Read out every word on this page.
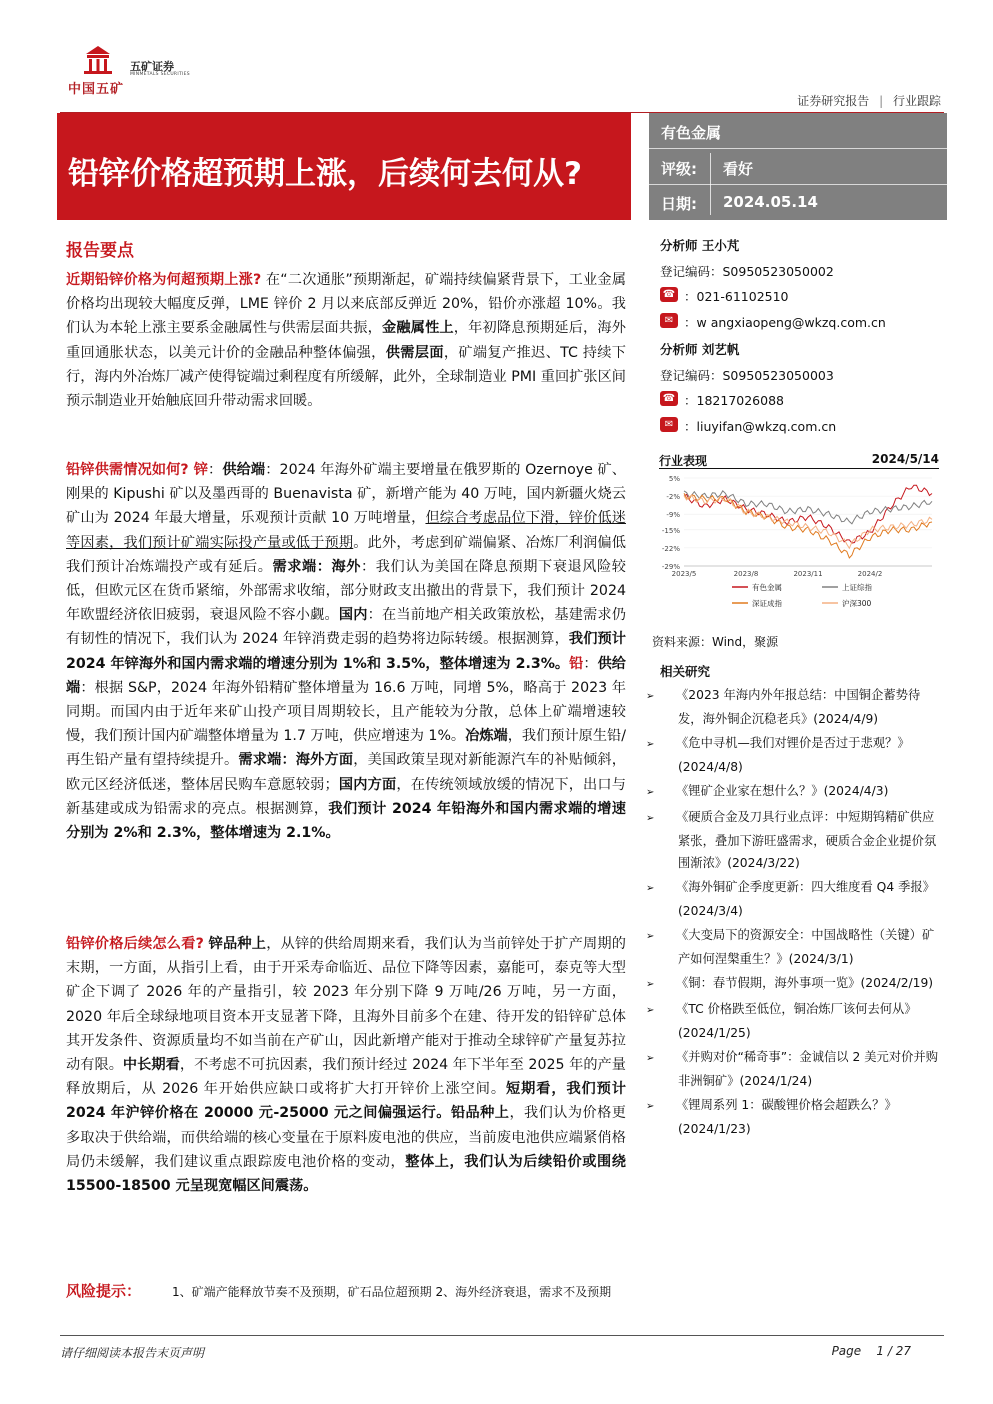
中国五矿
五矿证券
MINMETALS SECURITIES
证券研究报告 | 行业跟踪
铅锌价格超预期上涨，后续何去何从?
有色金属
评级: 看好
日期: 2024.05.14
报告要点
近期铅锌价格为何超预期上涨? 在“二次通胀”预期渐起，矿端持续偏紧背景下，工业金属价格均出现较大幅度反弹，LME 锌价 2 月以来底部反弹近 20%，铅价亦涨超 10%。我们认为本轮上涨主要系金融属性与供需层面共振，金融属性上，年初降息预期延后，海外重回通胀状态，以美元计价的金融品种整体偏强，供需层面，矿端复产推迟、TC 持续下行，海内外冶炼厂减产使得锭端过剩程度有所缓解，此外，全球制造业 PMI 重回扩张区间预示制造业开始触底回升带动需求回暖。
铅锌供需情况如何? 锌：供给端：2024 年海外矿端主要增量在俄罗斯的 Ozernoye 矿、刚果的 Kipushi 矿以及墨西哥的 Buenavista 矿，新增产能为 40 万吨，国内新疆火烧云矿山为 2024 年最大增量，乐观预计贡献 10 万吨增量，但综合考虑品位下滑，锌价低迷等因素，我们预计矿端实际投产量或低于预期。此外，考虑到矿端偏紧、冶炼厂利润偏低我们预计冶炼端投产或有延后。需求端：海外：我们认为美国在降息预期下衰退风险较低，但欧元区在货币紧缩，外部需求收缩，部分财政支出撤出的背景下，我们预计 2024 年欧盟经济依旧疲弱，衰退风险不容小觑。国内：在当前地产相关政策放松，基建需求仍有韧性的情况下，我们认为 2024 年锌消费走弱的趋势将边际转缓。根据测算，我们预计 2024 年锌海外和国内需求端的增速分别为 1%和 3.5%，整体增速为 2.3%。铅：供给端：根据 S&P，2024 年海外铅精矿整体增量为 16.6 万吨，同增 5%，略高于 2023 年同期。而国内由于近年来矿山投产项目周期较长，且产能较为分散，总体上矿端增速较慢，我们预计国内矿端整体增量为 1.7 万吨，供应增速为 1%。冶炼端，我们预计原生铅/再生铅产量有望持续提升。需求端：海外方面，美国政策呈现对新能源汽车的补贴倾斜，欧元区经济低迷，整体居民购车意愿较弱；国内方面，在传统领域放缓的情况下，出口与新基建或成为铅需求的亮点。根据测算，我们预计 2024 年铅海外和国内需求端的增速分别为 2%和 2.3%，整体增速为 2.1%。
铅锌价格后续怎么看? 锌品种上，从锌的供给周期来看，我们认为当前锌处于扩产周期的末期，一方面，从指引上看，由于开采寿命临近、品位下降等因素，嘉能可，泰克等大型矿企下调了 2026 年的产量指引，较 2023 年分别下降 9 万吨/26 万吨，另一方面，2020 年后全球绿地项目资本开支显著下降，且海外目前多个在建、待开发的铅锌矿总体其开发条件、资源质量均不如当前在产矿山，因此新增产能对于推动全球锌矿产量复苏拉动有限。中长期看，不考虑不可抗因素，我们预计经过 2024 年下半年至 2025 年的产量释放期后，从 2026 年开始供应缺口或将扩大打开锌价上涨空间。短期看，我们预计 2024 年沪锌价格在 20000 元-25000 元之间偏强运行。铅品种上，我们认为价格更多取决于供给端，而供给端的核心变量在于原料废电池的供应，当前废电池供应端紧俏格局仍未缓解，我们建议重点跟踪废电池价格的变动，整体上，我们认为后续铅价或围绕 15500-18500 元呈现宽幅区间震荡。
分析师 王小芃
登记编码：S0950523050002
☎ ：021-61102510
✉ ：w angxiaopeng@wkzq.com.cn
分析师 刘艺帆
登记编码：S0950523050003
☎ ：18217026088
✉ ：liuyifan@wkzq.com.cn
行业表现	2024/5/14
5%
-2%
-9%
-15%
-22%
-29%
2023/5	2023/8	2023/11	2024/2
有色金属	上证综指
深证成指	沪深300
资料来源：Wind，聚源
相关研究
➢ 《2023 年海内外年报总结：中国铜企蓄势待发，海外铜企沉稳老兵》(2024/4/9)
➢ 《危中寻机—我们对锂价是否过于悲观？》(2024/4/8)
➢ 《锂矿企业家在想什么？》(2024/4/3)
➢ 《硬质合金及刀具行业点评：中短期钨精矿供应紧张，叠加下游旺盛需求，硬质合金企业提价氛围渐浓》(2024/3/22)
➢ 《海外铜矿企季度更新：四大维度看 Q4 季报》(2024/3/4)
➢ 《大变局下的资源安全：中国战略性（关键）矿产如何涅槃重生？》(2024/3/1)
➢ 《铜：春节假期，海外事项一览》(2024/2/19)
➢ 《TC 价格跌至低位，铜冶炼厂该何去何从》(2024/1/25)
➢ 《并购对价“稀奇事”：金诚信以 2 美元对价并购非洲铜矿》(2024/1/24)
➢ 《锂周系列 1：碳酸锂价格会超跌么？》(2024/1/23)
风险提示：	1、矿端产能释放节奏不及预期，矿石品位超预期 2、海外经济衰退，需求不及预期
请仔细阅读本报告末页声明	Page 1 / 27
